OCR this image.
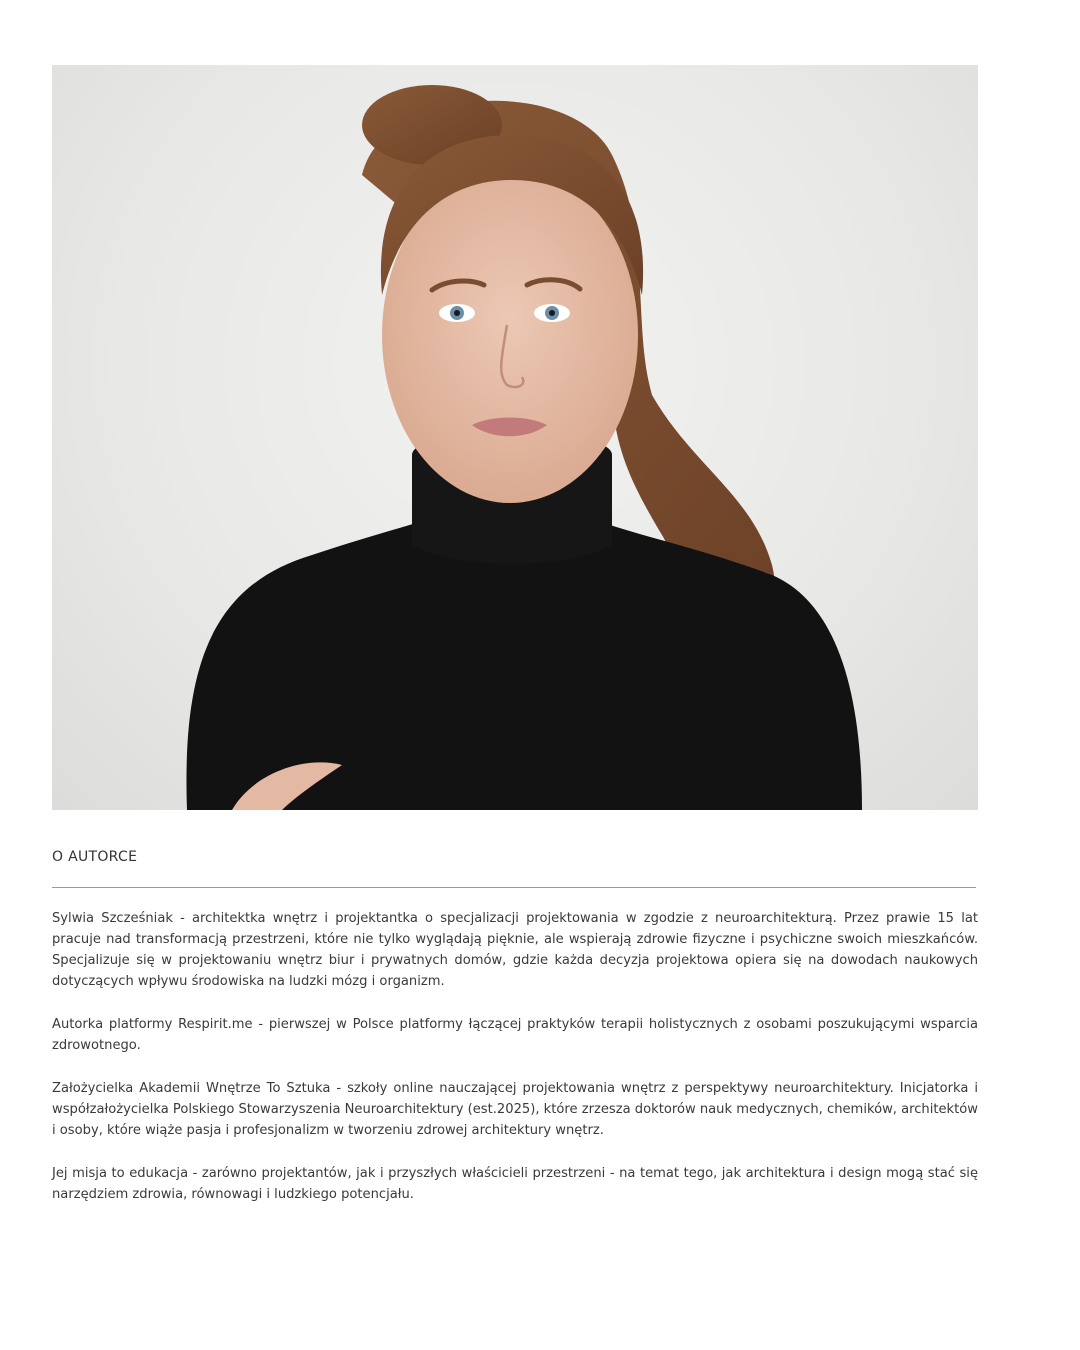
O AUTORCE

Sylwia Szcześniak - architektka wnętrz i projektantka o specjalizacji projektowania w zgodzie z neuroarchitekturą. Przez prawie 15 lat pracuje nad transformacją przestrzeni, które nie tylko wyglądają pięknie, ale wspierają zdrowie fizyczne i psychiczne swoich mieszkańców. Specjalizuje się w projektowaniu wnętrz biur i prywatnych domów, gdzie każda decyzja projektowa opiera się na dowodach naukowych dotyczących wpływu środowiska na ludzki mózg i organizm.

Autorka platformy Respirit.me - pierwszej w Polsce platformy łączącej praktyków terapii holistycznych z osobami poszukującymi wsparcia zdrowotnego.

Założycielka Akademii Wnętrze To Sztuka - szkoły online nauczającej projektowania wnętrz z perspektywy neuroarchitektury. Inicjatorka i współzałożycielka Polskiego Stowarzyszenia Neuroarchitektury (est.2025), które zrzesza doktorów nauk medycznych, chemików, architektów i osoby, które wiąże pasja i profesjonalizm w tworzeniu zdrowej architektury wnętrz.

Jej misja to edukacja - zarówno projektantów, jak i przyszłych właścicieli przestrzeni - na temat tego, jak architektura i design mogą stać się narzędziem zdrowia, równowagi i ludzkiego potencjału.
